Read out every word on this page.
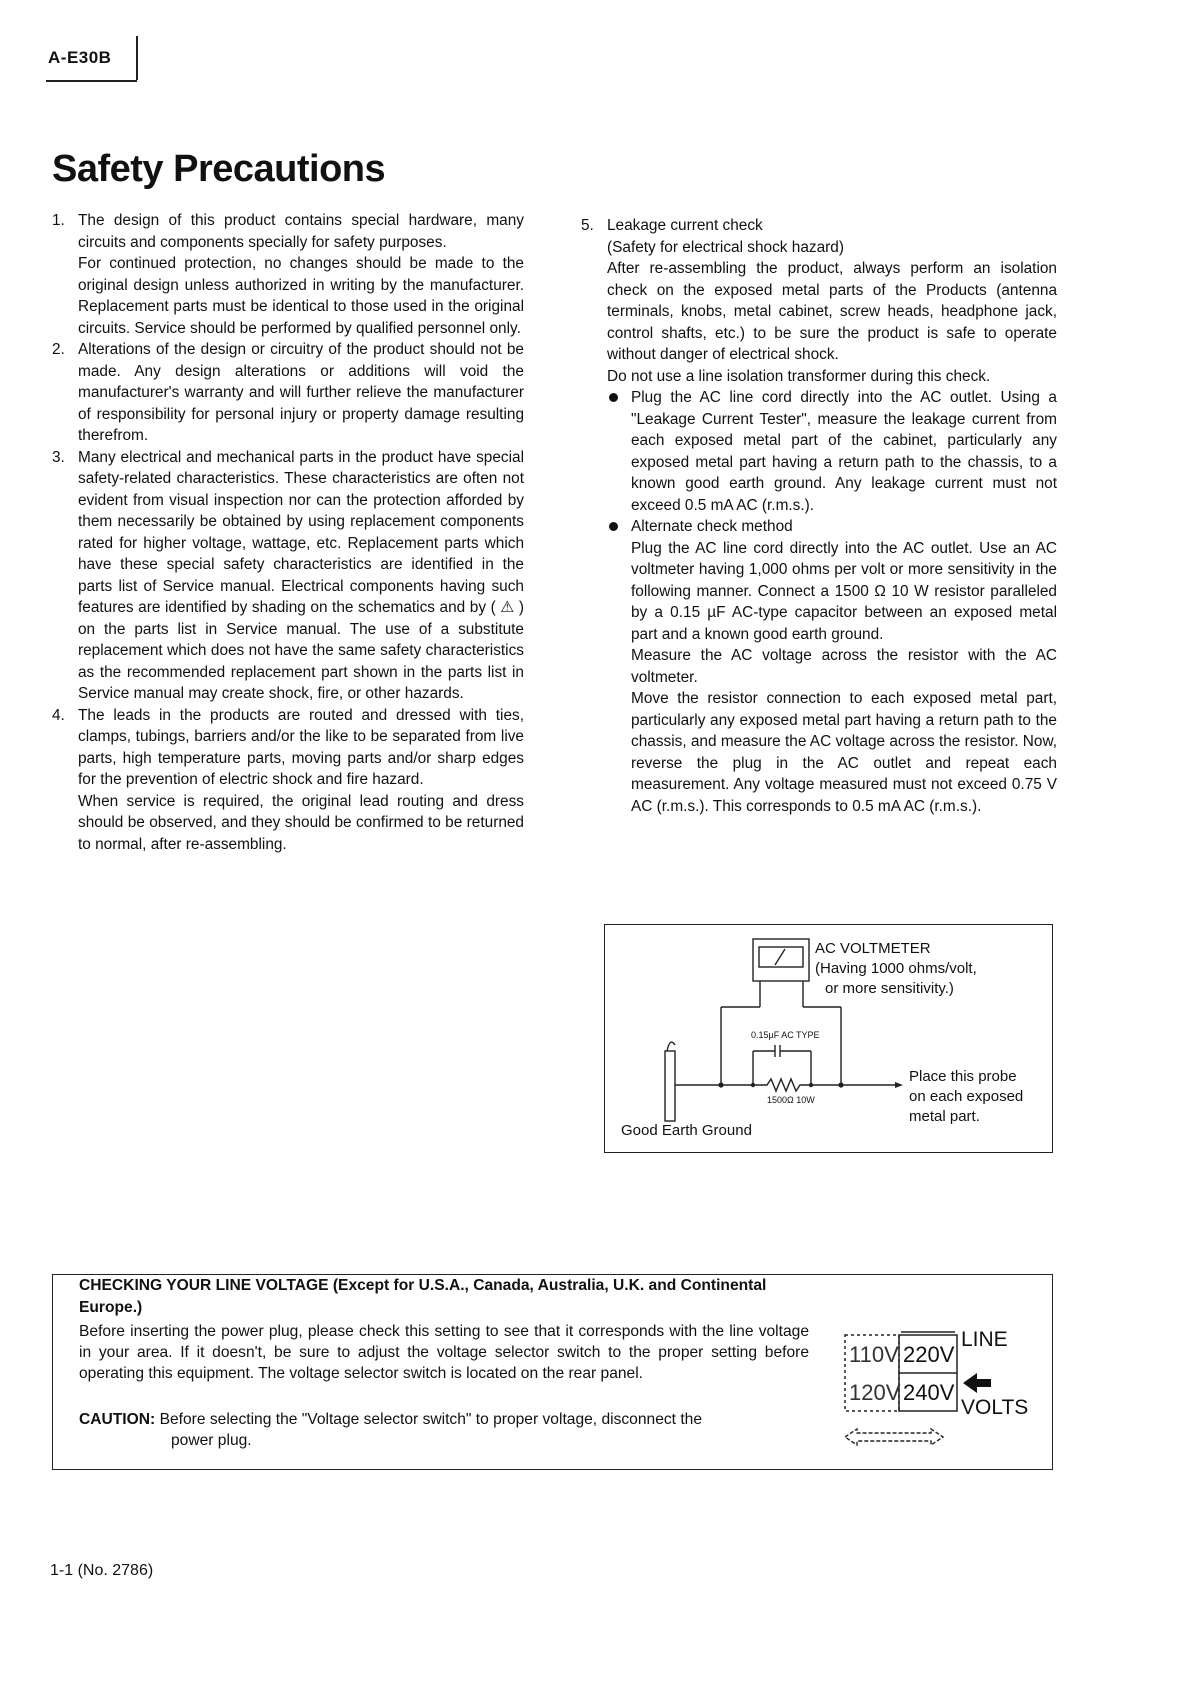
A-E30B
Safety Precautions
1. The design of this product contains special hardware, many circuits and components specially for safety purposes.

For continued protection, no changes should be made to the original design unless authorized in writing by the manufacturer. Replacement parts must be identical to those used in the original circuits. Service should be performed by qualified personnel only.

2. Alterations of the design or circuitry of the product should not be made. Any design alterations or additions will void the manufacturer's warranty and will further relieve the manufacturer of responsibility for personal injury or property damage resulting therefrom.

3. Many electrical and mechanical parts in the product have special safety-related characteristics. These characteristics are often not evident from visual inspection nor can the protection afforded by them necessarily be obtained by using replacement components rated for higher voltage, wattage, etc. Replacement parts which have these special safety characteristics are identified in the parts list of Service manual. Electrical components having such features are identified by shading on the schematics and by ( ⚠ ) on the parts list in Service manual. The use of a substitute replacement which does not have the same safety characteristics as the recommended replacement part shown in the parts list in Service manual may create shock, fire, or other hazards.

4. The leads in the products are routed and dressed with ties, clamps, tubings, barriers and/or the like to be separated from live parts, high temperature parts, moving parts and/or sharp edges for the prevention of electric shock and fire hazard.

When service is required, the original lead routing and dress should be observed, and they should be confirmed to be returned to normal, after re-assembling.

5. Leakage current check

(Safety for electrical shock hazard)

After re-assembling the product, always perform an isolation check on the exposed metal parts of the Products (antenna terminals, knobs, metal cabinet, screw heads, headphone jack, control shafts, etc.) to be sure the product is safe to operate without danger of electrical shock.

Do not use a line isolation transformer during this check.

Plug the AC line cord directly into the AC outlet. Using a "Leakage Current Tester", measure the leakage current from each exposed metal part of the cabinet, particularly any exposed metal part having a return path to the chassis, to a known good earth ground. Any leakage current must not exceed 0.5 mA AC (r.m.s.).

Alternate check method

Plug the AC line cord directly into the AC outlet. Use an AC voltmeter having 1,000 ohms per volt or more sensitivity in the following manner. Connect a 1500 Ω 10 W resistor paralleled by a 0.15 µF AC-type capacitor between an exposed metal part and a known good earth ground.

Measure the AC voltage across the resistor with the AC voltmeter.

Move the resistor connection to each exposed metal part, particularly any exposed metal part having a return path to the chassis, and measure the AC voltage across the resistor. Now, reverse the plug in the AC outlet and repeat each measurement. Any voltage measured must not exceed 0.75 V AC (r.m.s.). This corresponds to 0.5 mA AC (r.m.s.).

AC VOLTMETER
(Having 1000 ohms/volt,
or more sensitivity.)
0.15µF AC TYPE
1500Ω 10W
Place this probe
on each exposed
metal part.
Good Earth Ground
CHECKING YOUR LINE VOLTAGE (Except for U.S.A., Canada, Australia, U.K. and Continental Europe.)

Before inserting the power plug, please check this setting to see that it corresponds with the line voltage in your area. If it doesn't, be sure to adjust the voltage selector switch to the proper setting before operating this equipment. The voltage selector switch is located on the rear panel.

CAUTION: Before selecting the "Voltage selector switch" to proper voltage, disconnect the
power plug.

110V 220V
120V 240V
LINE
VOLTS
1-1 (No. 2786)
